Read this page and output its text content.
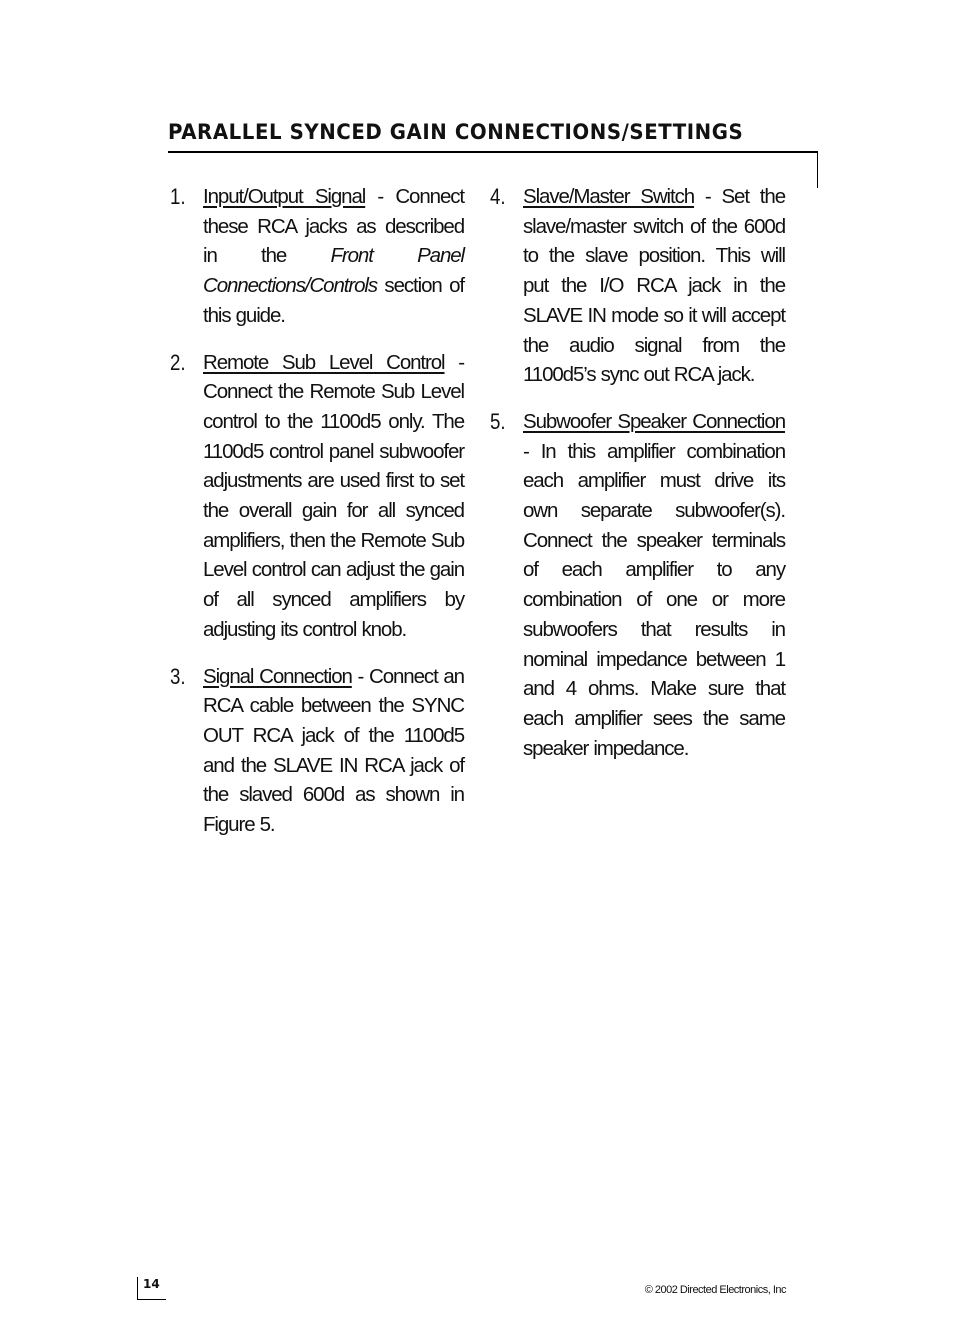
PARALLEL SYNCED GAIN CONNECTIONS/SETTINGS
1. Input/Output Signal - Connect these RCA jacks as described in the Front Panel Connections/Controls section of this guide.
2. Remote Sub Level Control - Connect the Remote Sub Level control to the 1100d5 only. The 1100d5 control panel subwoofer adjustments are used first to set the overall gain for all synced amplifiers, then the Remote Sub Level control can adjust the gain of all synced amplifiers by adjusting its control knob.
3. Signal Connection - Connect an RCA cable between the SYNC OUT RCA jack of the 1100d5 and the SLAVE IN RCA jack of the slaved 600d as shown in Figure 5.
4. Slave/Master Switch - Set the slave/master switch of the 600d to the slave position. This will put the I/O RCA jack in the SLAVE IN mode so it will accept the audio signal from the 1100d5’s sync out RCA jack.
5. Subwoofer Speaker Connection - In this amplifier combination each amplifier must drive its own separate subwoofer(s). Connect the speaker terminals of each amplifier to any combination of one or more subwoofers that results in nominal impedance between 1 and 4 ohms. Make sure that each amplifier sees the same speaker impedance.
14	© 2002 Directed Electronics, Inc
